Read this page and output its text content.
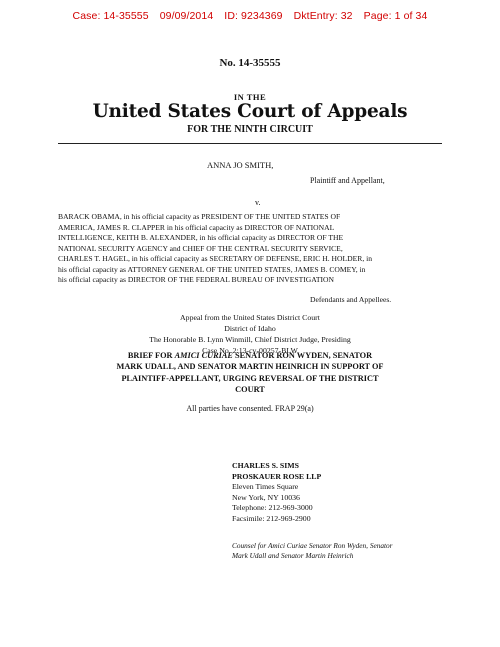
Case: 14-35555 09/09/2014 ID: 9234369 DktEntry: 32 Page: 1 of 34
No. 14-35555
IN THE
United States Court of Appeals
FOR THE NINTH CIRCUIT
ANNA JO SMITH,
Plaintiff and Appellant,
v.
BARACK OBAMA, in his official capacity as PRESIDENT OF THE UNITED STATES OF
AMERICA, JAMES R. CLAPPER in his official capacity as DIRECTOR OF NATIONAL
INTELLIGENCE, KEITH B. ALEXANDER, in his official capacity as DIRECTOR OF THE
NATIONAL SECURITY AGENCY and CHIEF OF THE CENTRAL SECURITY SERVICE,
CHARLES T. HAGEL, in his official capacity as SECRETARY OF DEFENSE, ERIC H. HOLDER, in
his official capacity as ATTORNEY GENERAL OF THE UNITED STATES, JAMES B. COMEY, in
his official capacity as DIRECTOR OF THE FEDERAL BUREAU OF INVESTIGATION
Defendants and Appellees.
Appeal from the United States District Court
District of Idaho
The Honorable B. Lynn Winmill, Chief District Judge, Presiding
Case No. 2:13-cv-00257-BLW
BRIEF FOR AMICI CURIAE SENATOR RON WYDEN, SENATOR
MARK UDALL, AND SENATOR MARTIN HEINRICH IN SUPPORT OF
PLAINTIFF-APPELLANT, URGING REVERSAL OF THE DISTRICT
COURT
All parties have consented. FRAP 29(a)
CHARLES S. SIMS
PROSKAUER ROSE LLP
Eleven Times Square
New York, NY 10036
Telephone: 212-969-3000
Facsimile: 212-969-2900
Counsel for Amici Curiae Senator Ron Wyden, Senator
Mark Udall and Senator Martin Heinrich
